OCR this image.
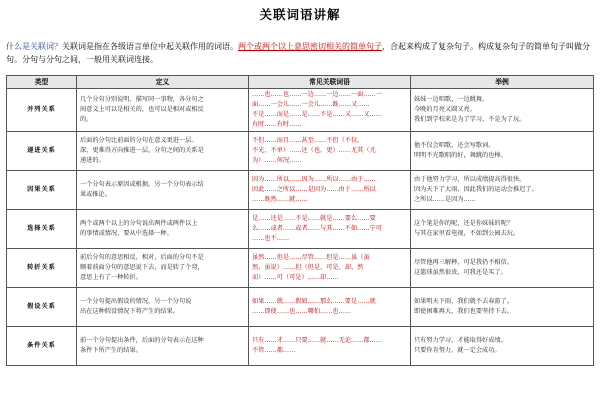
关联词语讲解
什么是关联词？关联词是指在各级语言单位中起关联作用的词语。两个或两个以上意思密切相关的简单句子，合起来构成了复杂句子。构成复杂句子的简单句子叫做分句。分句与分句之间，一般用关联词连接。
类型	定义	常见关联词语	举例
并列关系	几个分句分别说明、描写同一事物，各分句之
间意义上可以是相关的，也可以是相对或相反
的。	……也……也……一边……一边……一面……一
面……一会儿……一会儿……既……又……
不是……而是……是……不是……又……又……
有时……有时……	妹妹一边唱歌，一边跳舞。
今晚的月亮又圆又亮。
我们到学校来是为了学习，不是为了玩。

递进关系	后面的分句比前面的分句在意义更进一层。
深，更难得方向推进一层，分句之间的关系是
递进的。	不但……而且……甚至……不但（不仅、
不光、不单）……还（也、更）……尤其（尤
为）……何况……	他不仅会唱歌，还会写歌词。
明明不光歌唱的好，舞跳的也棒。

因果关系	一个分句表示原因或根据，另一个分句表示结
果或推论。	因为……所以……因为……所以……由于……
因此……之所以……是因为……由于……所以
……既然……就……	由于他努力学习，所以成绩提高得很快。
因为天下了大雨，因此我们的运动会推迟了。
之所以……是因为……

选择关系	两个或两个以上的分句说出两件或两件以上
的事情或情况，要从中选择一种。	是……还是……不是……就是……要么……要
么……或者……或者……与其……不如……宁可
……也不……	这个笔是你的呢，还是你妹妹的呢？
与其在家里看电视，不如到公园去玩。

转折关系	前后分句的意思相反、相对，后面的分句不是
顺着前面分句的意思说下去，而是转了个弯，
意思上有了一种转折。	虽然……但是……尽管……但是……虽（虽
然、虽说）……但（但是、可是、却、然
而）……可（可是）……却……	尽管他再三解释，可是我仍不相信。
这篮球虽然很贵，可我还是买了。

假设关系	一个分句提出假设的情况，另一个分句说
出在这种假设情况下将产生的结果。	如果……就……假如……那么……要是……就
……即使……也……哪怕……也……	如果明天下雨，我们就不去春游了。
即使困难再大，我们也要坚持下去。

条件关系	前一个分句提出条件，后面的分句表示在这种
条件下所产生的结果。	只有……才……只要……就……无论……都……
不管……都……	只有努力学习，才能取得好成绩。
只要你肯努力，就一定会成功。
